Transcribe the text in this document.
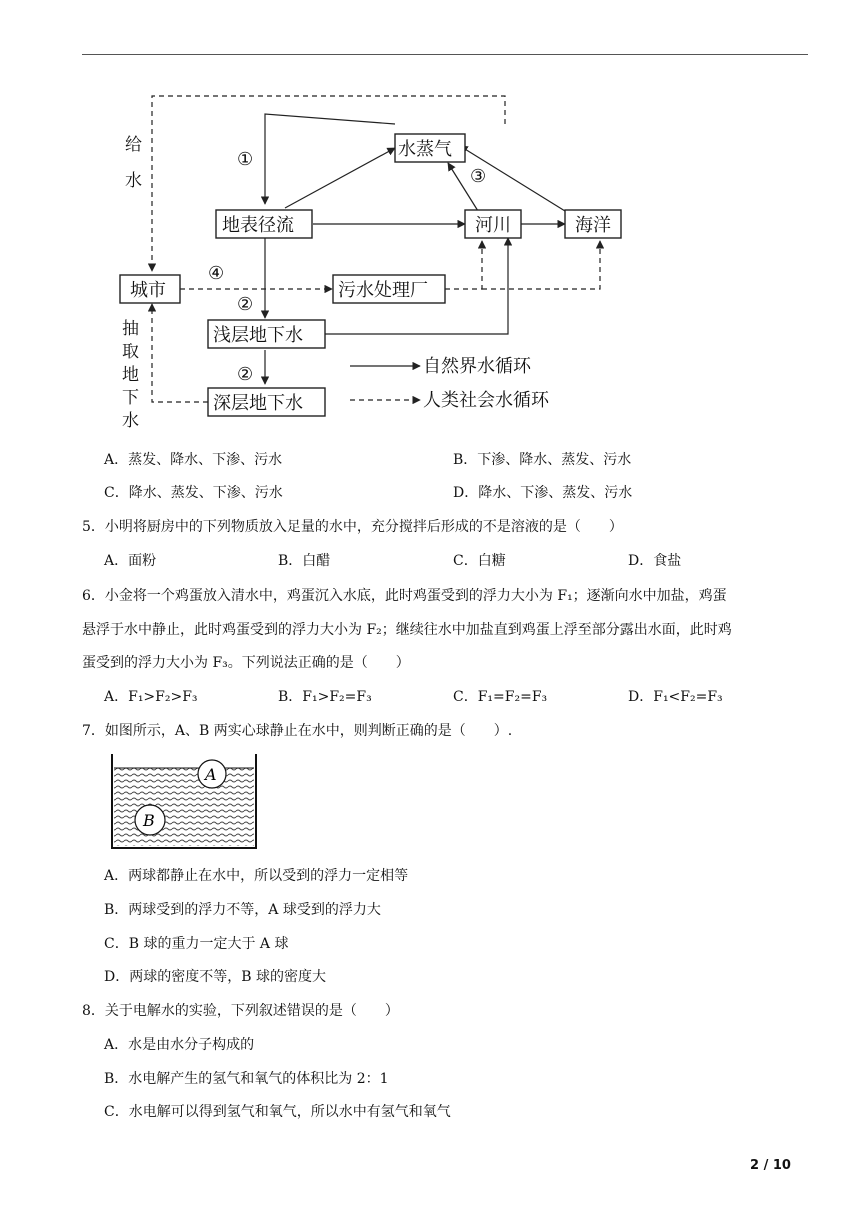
水蒸气
地表径流	河川	海洋
城市	污水处理厂
浅层地下水
深层地下水
给
水
抽
取
地
下
水
①
③
④
②
②	自然界水循环
人类社会水循环
A．蒸发、降水、下渗、污水	B．下渗、降水、蒸发、污水
C．降水、蒸发、下渗、污水	D．降水、下渗、蒸发、污水
5．小明将厨房中的下列物质放入足量的水中，充分搅拌后形成的不是溶液的是（　　）
A．面粉	B．白醋	C．白糖	D．食盐
6．小金将一个鸡蛋放入清水中，鸡蛋沉入水底，此时鸡蛋受到的浮力大小为 F₁；逐渐向水中加盐，鸡蛋
悬浮于水中静止，此时鸡蛋受到的浮力大小为 F₂；继续往水中加盐直到鸡蛋上浮至部分露出水面，此时鸡
蛋受到的浮力大小为 F₃。下列说法正确的是（　　）
A．F₁>F₂>F₃	B．F₁>F₂=F₃	C．F₁=F₂=F₃	D．F₁<F₂=F₃
7．如图所示，A、B 两实心球静止在水中，则判断正确的是（　　）.
A
B
A．两球都静止在水中，所以受到的浮力一定相等
B．两球受到的浮力不等，A 球受到的浮力大
C．B 球的重力一定大于 A 球
D．两球的密度不等，B 球的密度大
8．关于电解水的实验，下列叙述错误的是（　　）
A．水是由水分子构成的
B．水电解产生的氢气和氧气的体积比为 2：1
C．水电解可以得到氢气和氧气，所以水中有氢气和氧气
2 / 10
